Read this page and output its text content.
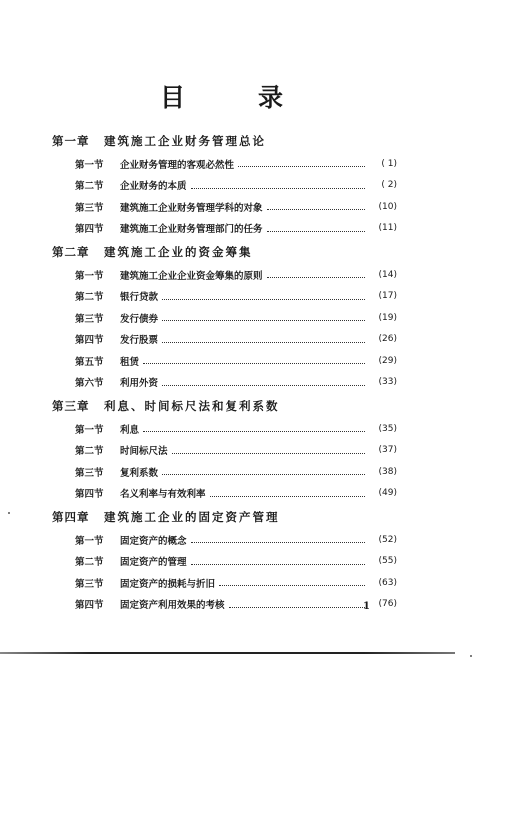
目	录
第一章	建筑施工企业财务管理总论
第一节	企业财务管理的客观必然性	( 1)
第二节	企业财务的本质	( 2)
第三节	建筑施工企业财务管理学科的对象	(10)
第四节	建筑施工企业财务管理部门的任务	(11)
第二章	建筑施工企业的资金筹集
第一节	建筑施工企业企业资金筹集的原则	(14)
第二节	银行贷款	(17)
第三节	发行债券	(19)
第四节	发行股票	(26)
第五节	租赁	(29)
第六节	利用外资	(33)
第三章	利息、时间标尺法和复利系数
第一节	利息	(35)
第二节	时间标尺法	(37)
第三节	复利系数	(38)
第四节	名义利率与有效利率	(49)
第四章	建筑施工企业的固定资产管理
第一节	固定资产的概念	(52)
第二节	固定资产的管理	(55)
第三节	固定资产的损耗与折旧	(63)
第四节	固定资产利用效果的考核	(76)
1
